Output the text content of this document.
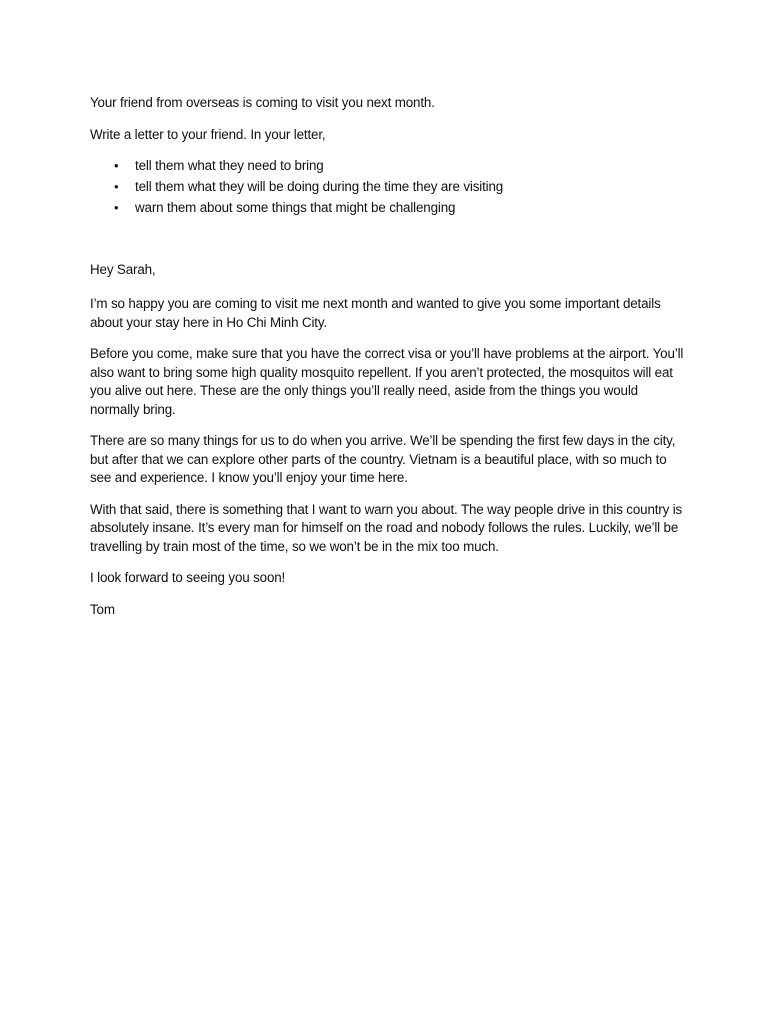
Your friend from overseas is coming to visit you next month.

Write a letter to your friend. In your letter,

• tell them what they need to bring
• tell them what they will be doing during the time they are visiting
• warn them about some things that might be challenging

Hey Sarah,

I’m so happy you are coming to visit me next month and wanted to give you some important details about your stay here in Ho Chi Minh City.

Before you come, make sure that you have the correct visa or you’ll have problems at the airport. You’ll also want to bring some high quality mosquito repellent. If you aren’t protected, the mosquitos will eat you alive out here. These are the only things you’ll really need, aside from the things you would normally bring.

There are so many things for us to do when you arrive. We’ll be spending the first few days in the city, but after that we can explore other parts of the country. Vietnam is a beautiful place, with so much to see and experience. I know you’ll enjoy your time here.

With that said, there is something that I want to warn you about. The way people drive in this country is absolutely insane. It’s every man for himself on the road and nobody follows the rules. Luckily, we’ll be travelling by train most of the time, so we won’t be in the mix too much.

I look forward to seeing you soon!

Tom
